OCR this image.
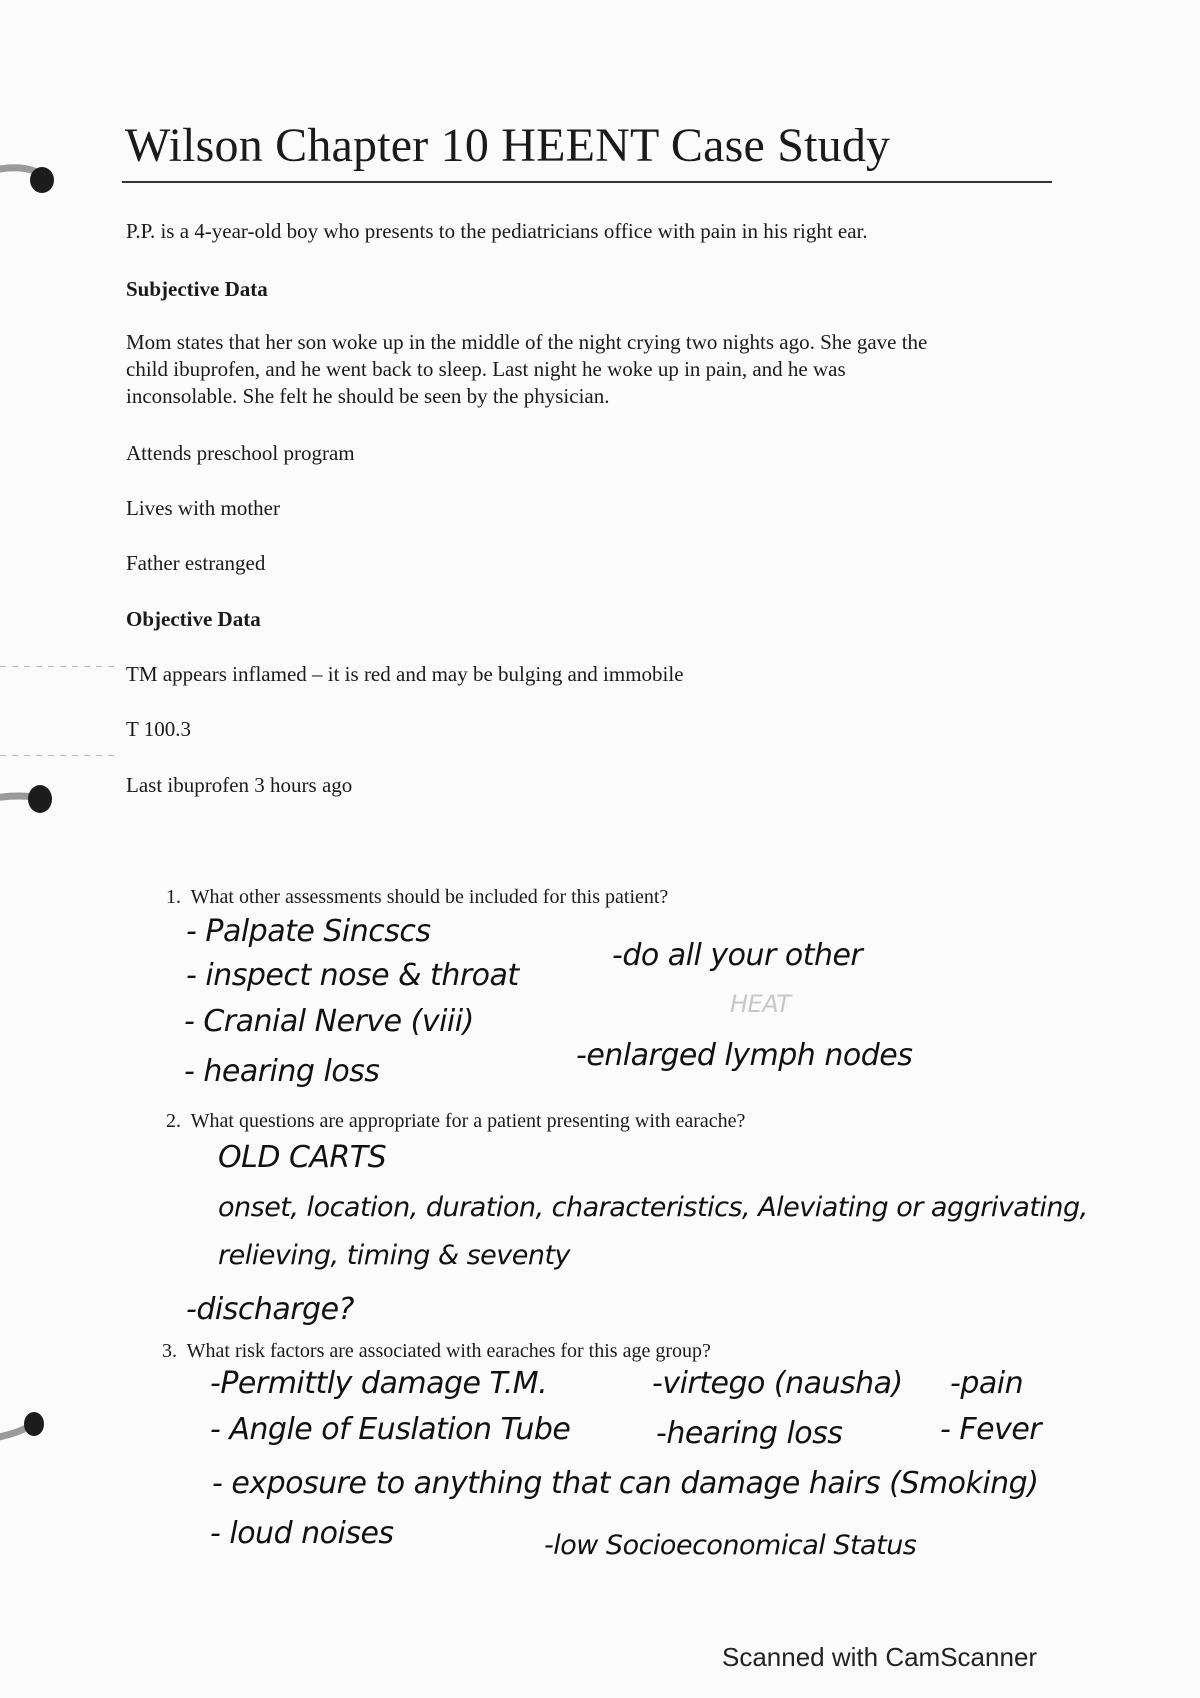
Wilson Chapter 10 HEENT Case Study
P.P. is a 4-year-old boy who presents to the pediatricians office with pain in his right ear.
Subjective Data
Mom states that her son woke up in the middle of the night crying two nights ago. She gave the
child ibuprofen, and he went back to sleep. Last night he woke up in pain, and he was
inconsolable. She felt he should be seen by the physician.
Attends preschool program
Lives with mother
Father estranged
Objective Data
TM appears inflamed – it is red and may be bulging and immobile
T 100.3
Last ibuprofen 3 hours ago
1. What other assessments should be included for this patient?
- Palpate Sincscs
- inspect nose & throat
- Cranial Nerve (viii)
- hearing loss
-do all your other
HEAT
-enlarged lymph nodes
2. What questions are appropriate for a patient presenting with earache?
OLD CARTS
onset, location, duration, characteristics, Aleviating or aggrivating,
relieving, timing & seventy
-discharge?
3. What risk factors are associated with earaches for this age group?
-Permittly damage T.M.	-virtego (nausha) -pain
- Angle of Euslation Tube	-hearing loss	- Fever
- exposure to anything that can damage hairs (Smoking)
- loud noises	-low Socioeconomical Status
Scanned with CamScanner
